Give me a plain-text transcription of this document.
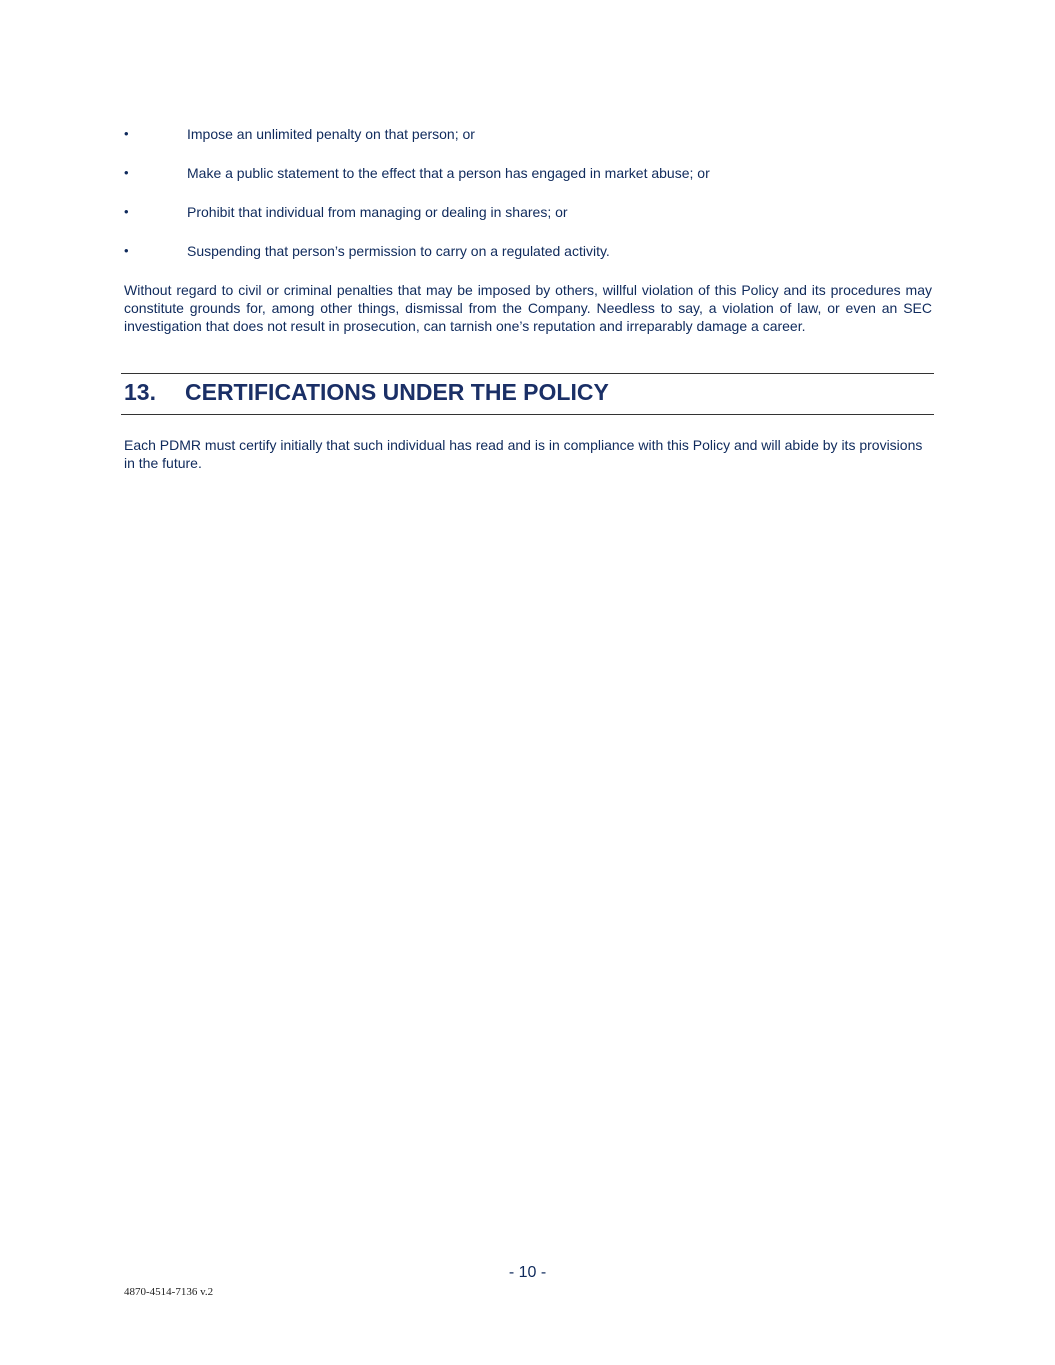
•	Impose an unlimited penalty on that person; or
•	Make a public statement to the effect that a person has engaged in market abuse; or
•	Prohibit that individual from managing or dealing in shares; or
•	Suspending that person’s permission to carry on a regulated activity.

Without regard to civil or criminal penalties that may be imposed by others, willful violation of this Policy and its procedures may constitute grounds for, among other things, dismissal from the Company. Needless to say, a violation of law, or even an SEC investigation that does not result in prosecution, can tarnish one’s reputation and irreparably damage a career.

13. CERTIFICATIONS UNDER THE POLICY

Each PDMR must certify initially that such individual has read and is in compliance with this Policy and will abide by its provisions in the future.

- 10 -
4870-4514-7136 v.2
